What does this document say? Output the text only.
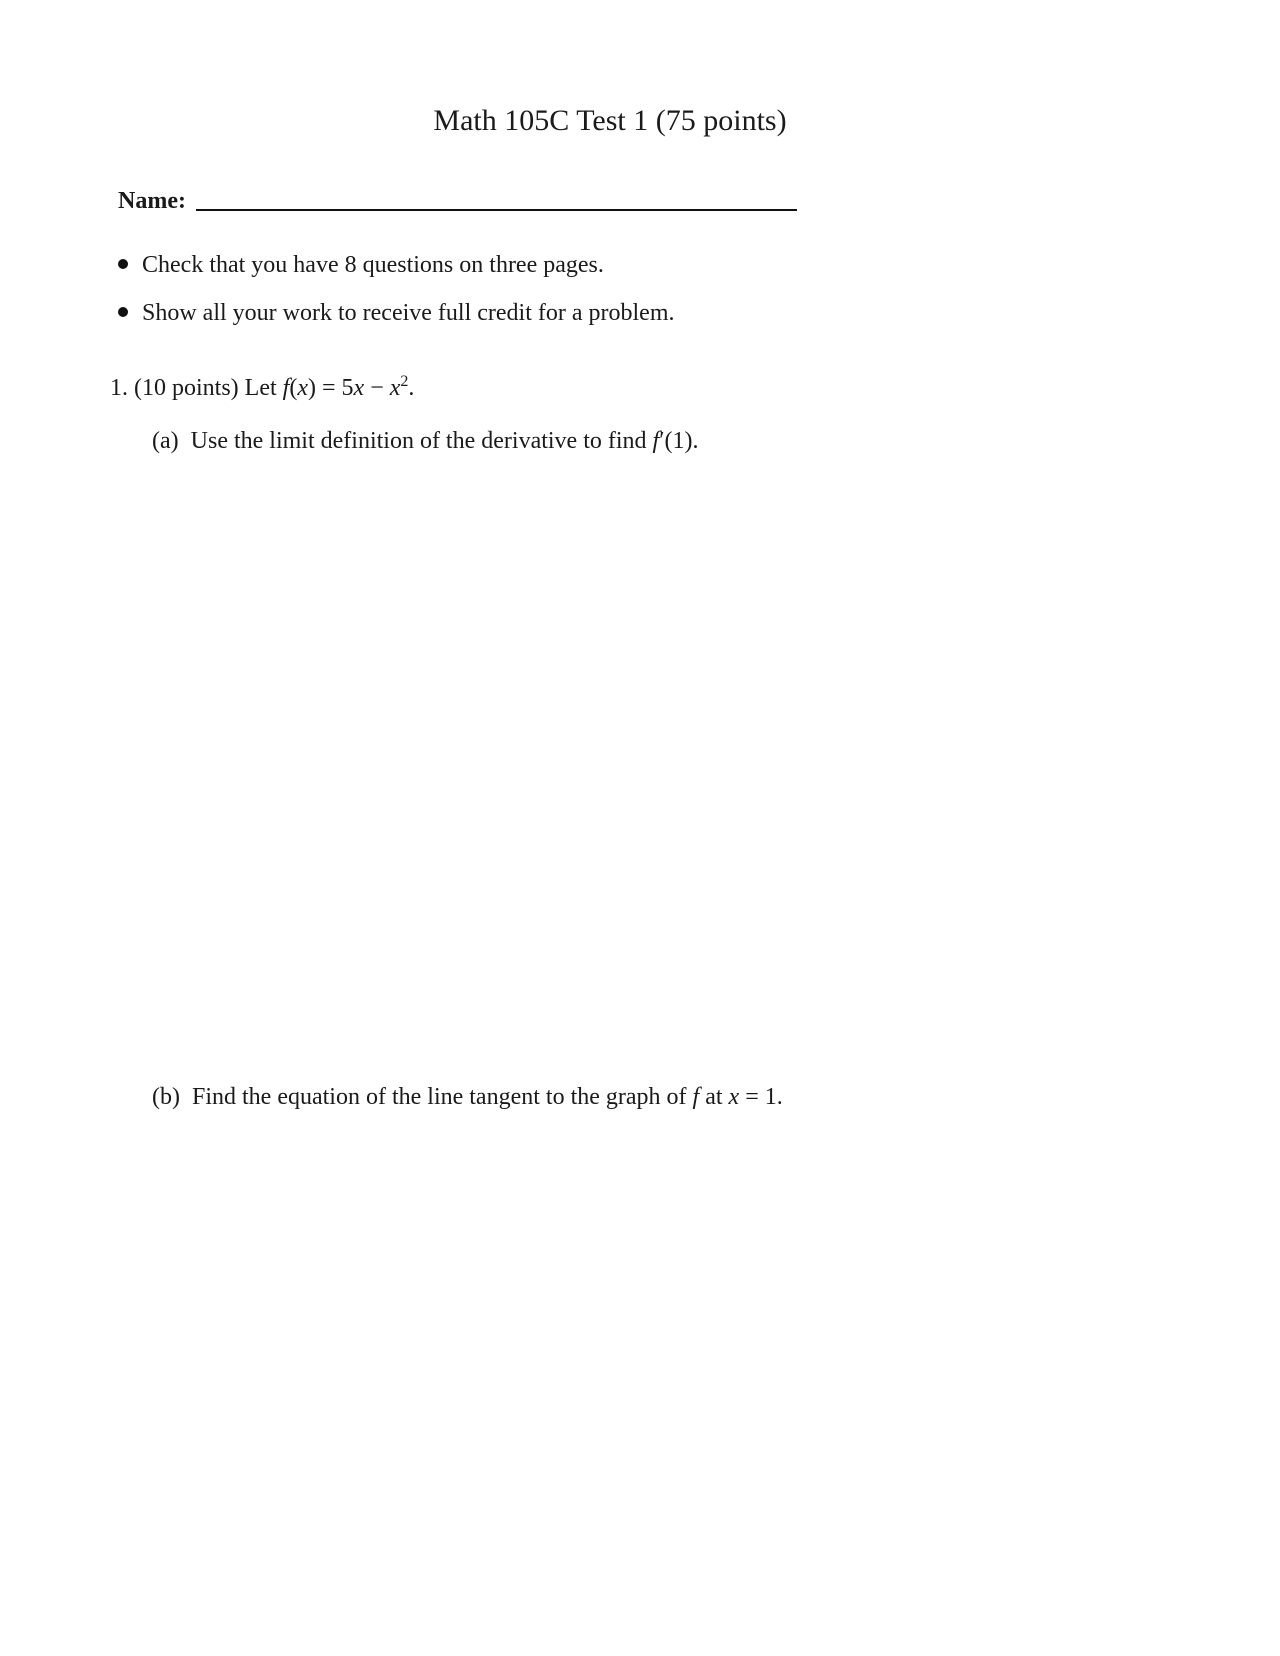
Math 105C Test 1 (75 points)
Name:
Check that you have 8 questions on three pages.
Show all your work to receive full credit for a problem.
1. (10 points) Let $f(x) = 5x - x^2$.
(a) Use the limit definition of the derivative to find f′(1).
(b) Find the equation of the line tangent to the graph of f at x = 1.
